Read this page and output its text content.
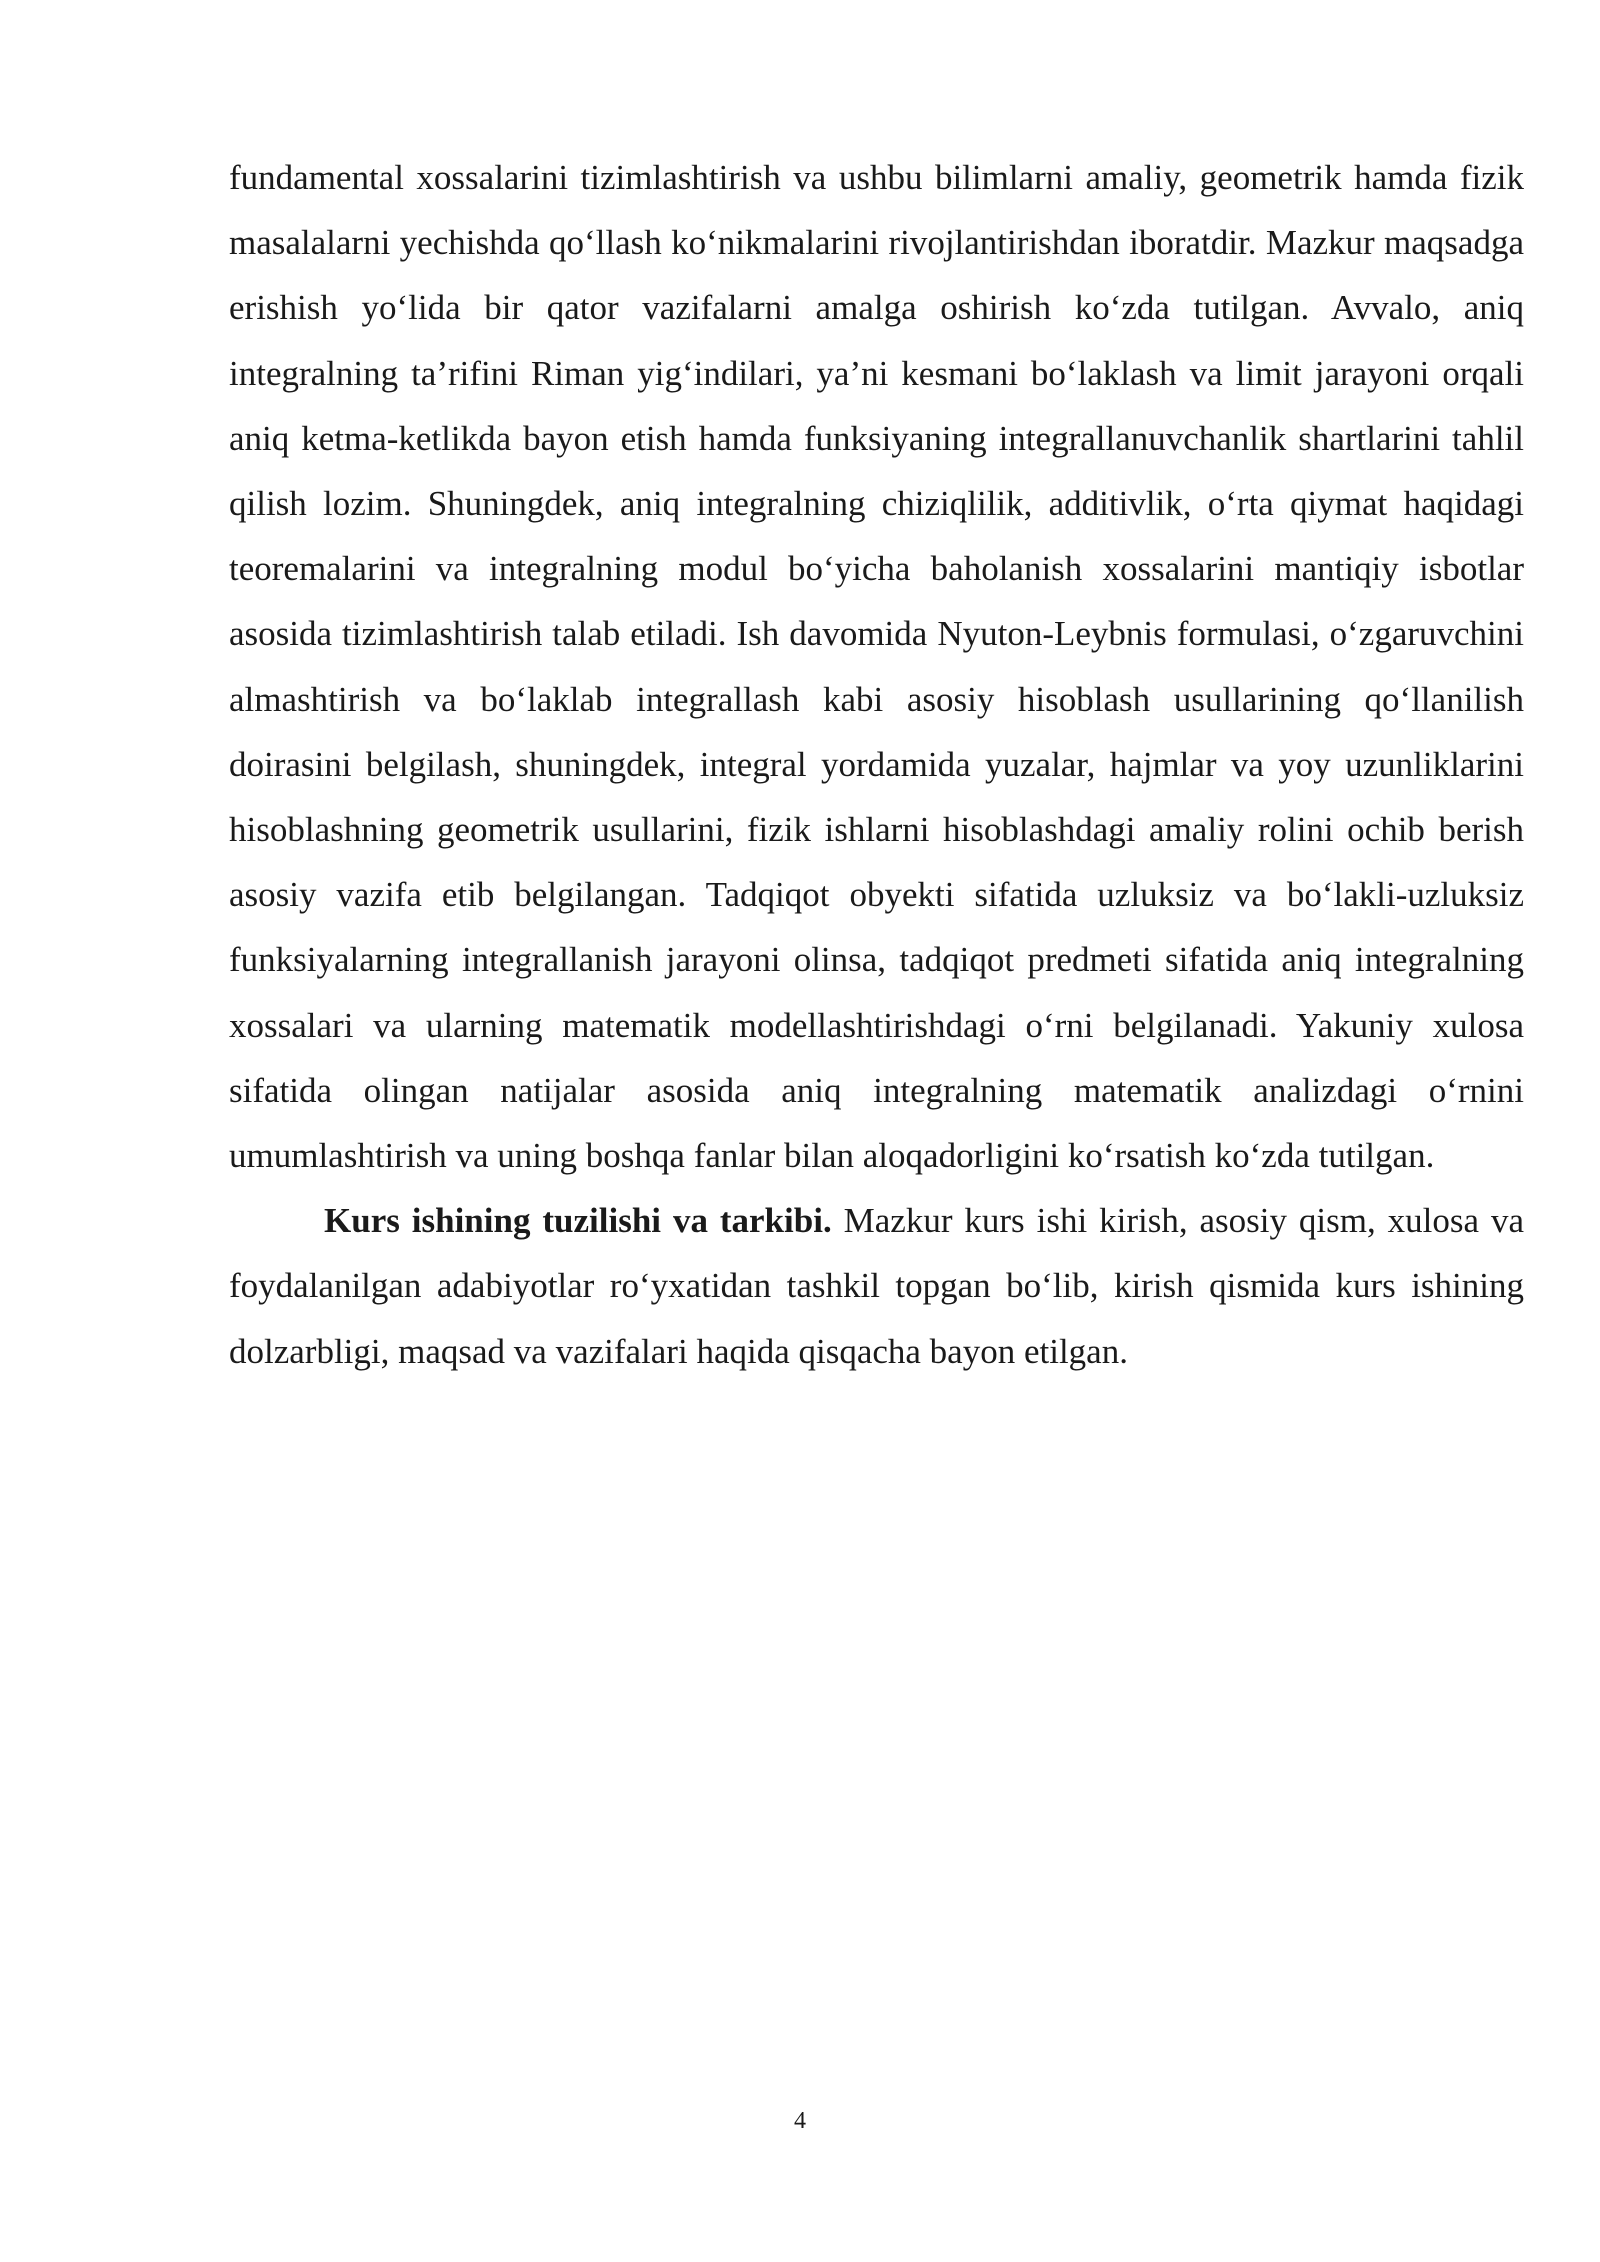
fundamental xossalarini tizimlashtirish va ushbu bilimlarni amaliy, geometrik hamda fizik masalalarni yechishda qo‘llash ko‘nikmalarini rivojlantirishdan iboratdir. Mazkur maqsadga erishish yo‘lida bir qator vazifalarni amalga oshirish ko‘zda tutilgan. Avvalo, aniq integralning ta’rifini Riman yig‘indilari, ya’ni kesmani bo‘laklash va limit jarayoni orqali aniq ketma-ketlikda bayon etish hamda funksiyaning integrallanuvchanlik shartlarini tahlil qilish lozim. Shuningdek, aniq integralning chiziqlilik, additivlik, o‘rta qiymat haqidagi teoremalarini va integralning modul bo‘yicha baholanish xossalarini mantiqiy isbotlar asosida tizimlashtirish talab etiladi. Ish davomida Nyuton-Leybnis formulasi, o‘zgaruvchini almashtirish va bo‘laklab integrallash kabi asosiy hisoblash usullarining qo‘llanilish doirasini belgilash, shuningdek, integral yordamida yuzalar, hajmlar va yoy uzunliklarini hisoblashning geometrik usullarini, fizik ishlarni hisoblashdagi amaliy rolini ochib berish asosiy vazifa etib belgilangan. Tadqiqot obyekti sifatida uzluksiz va bo‘lakli-uzluksiz funksiyalarning integrallanish jarayoni olinsa, tadqiqot predmeti sifatida aniq integralning xossalari va ularning matematik modellashtirishdagi o‘rni belgilanadi. Yakuniy xulosa sifatida olingan natijalar asosida aniq integralning matematik analizdagi o‘rnini umumlashtirish va uning boshqa fanlar bilan aloqadorligini ko‘rsatish ko‘zda tutilgan.

Kurs ishining tuzilishi va tarkibi. Mazkur kurs ishi kirish, asosiy qism, xulosa va foydalanilgan adabiyotlar ro‘yxatidan tashkil topgan bo‘lib, kirish qismida kurs ishining dolzarbligi, maqsad va vazifalari haqida qisqacha bayon etilgan.

4
